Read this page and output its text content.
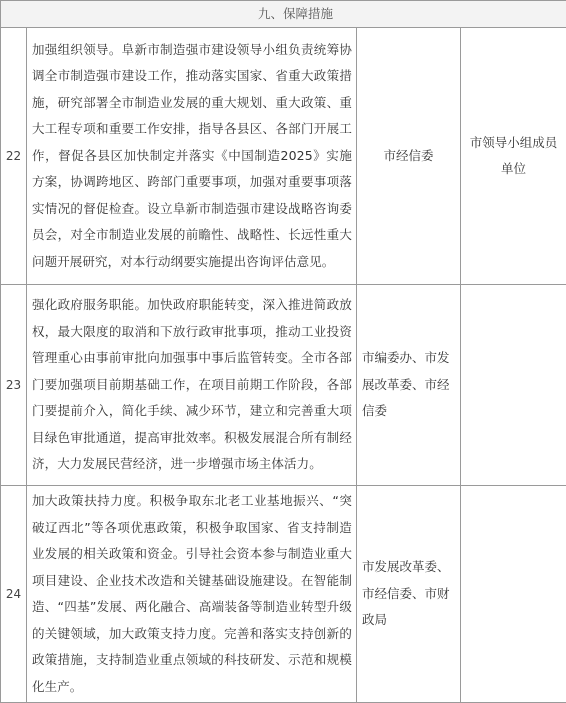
九、保障措施			
22	加强组织领导。阜新市制造强市建设领导小组负责统筹协调全市制造强市建设工作，推动落实国家、省重大政策措施，研究部署全市制造业发展的重大规划、重大政策、重大工程专项和重要工作安排，指导各县区、各部门开展工作，督促各县区加快制定并落实《中国制造2025》实施方案，协调跨地区、跨部门重要事项，加强对重要事项落实情况的督促检查。设立阜新市制造强市建设战略咨询委员会，对全市制造业发展的前瞻性、战略性、长远性重大问题开展研究，对本行动纲要实施提出咨询评估意见。	市经信委	市领导小组成员单位
23	强化政府服务职能。加快政府职能转变，深入推进简政放权，最大限度的取消和下放行政审批事项，推动工业投资管理重心由事前审批向加强事中事后监管转变。全市各部门要加强项目前期基础工作，在项目前期工作阶段，各部门要提前介入，简化手续、减少环节，建立和完善重大项目绿色审批通道，提高审批效率。积极发展混合所有制经济，大力发展民营经济，进一步增强市场主体活力。	市编委办、市发展改革委、市经信委	
24	加大政策扶持力度。积极争取东北老工业基地振兴、“突破辽西北”等各项优惠政策，积极争取国家、省支持制造业发展的相关政策和资金。引导社会资本参与制造业重大项目建设、企业技术改造和关键基础设施建设。在智能制造、“四基”发展、两化融合、高端装备等制造业转型升级的关键领域，加大政策支持力度。完善和落实支持创新的政策措施，支持制造业重点领域的科技研发、示范和规模化生产。	市发展改革委、市经信委、市财政局	
